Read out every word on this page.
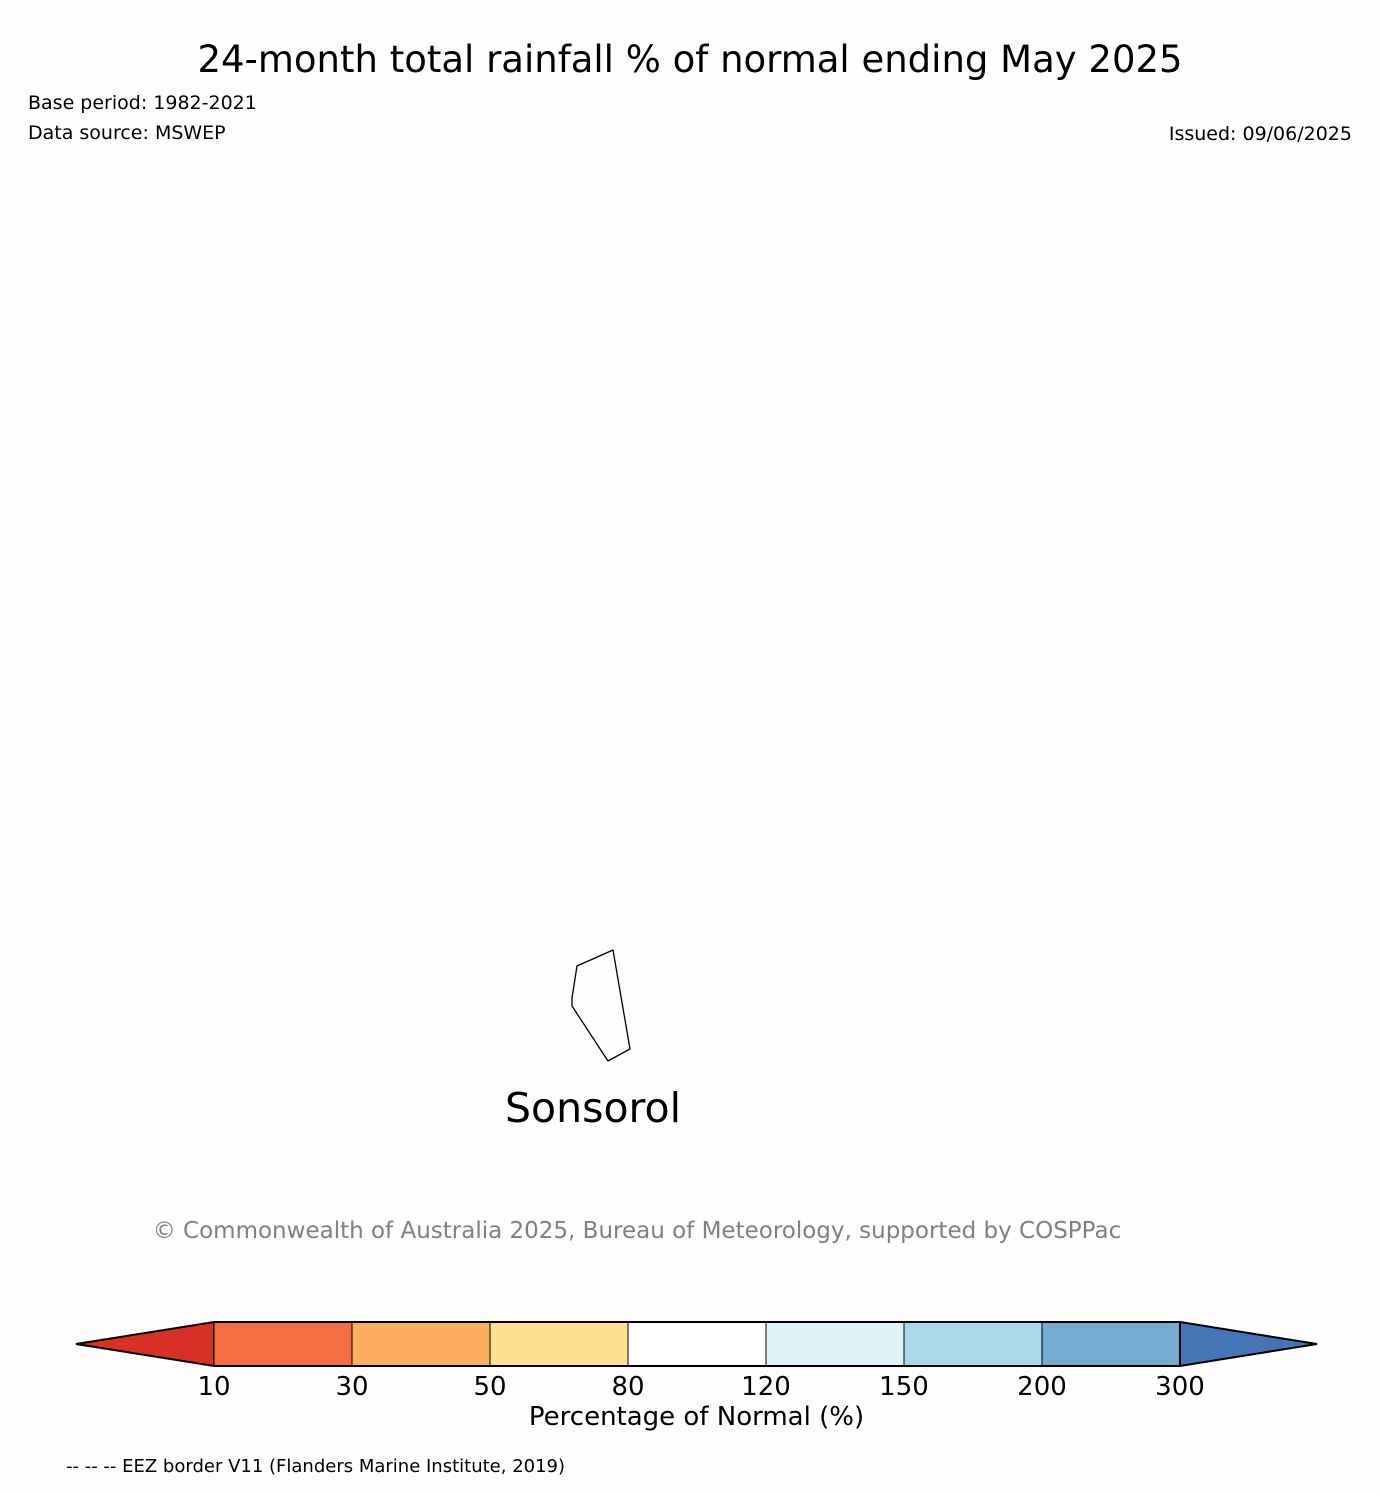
24-month total rainfall % of normal ending May 2025
Base period: 1982-2021
Data source: MSWEP	Issued: 09/06/2025
Sonsorol
© Commonwealth of Australia 2025, Bureau of Meteorology, supported by COSPPac
10	30	50	80	120	150	200	300
Percentage of Normal (%)
-- -- -- EEZ border V11 (Flanders Marine Institute, 2019)
